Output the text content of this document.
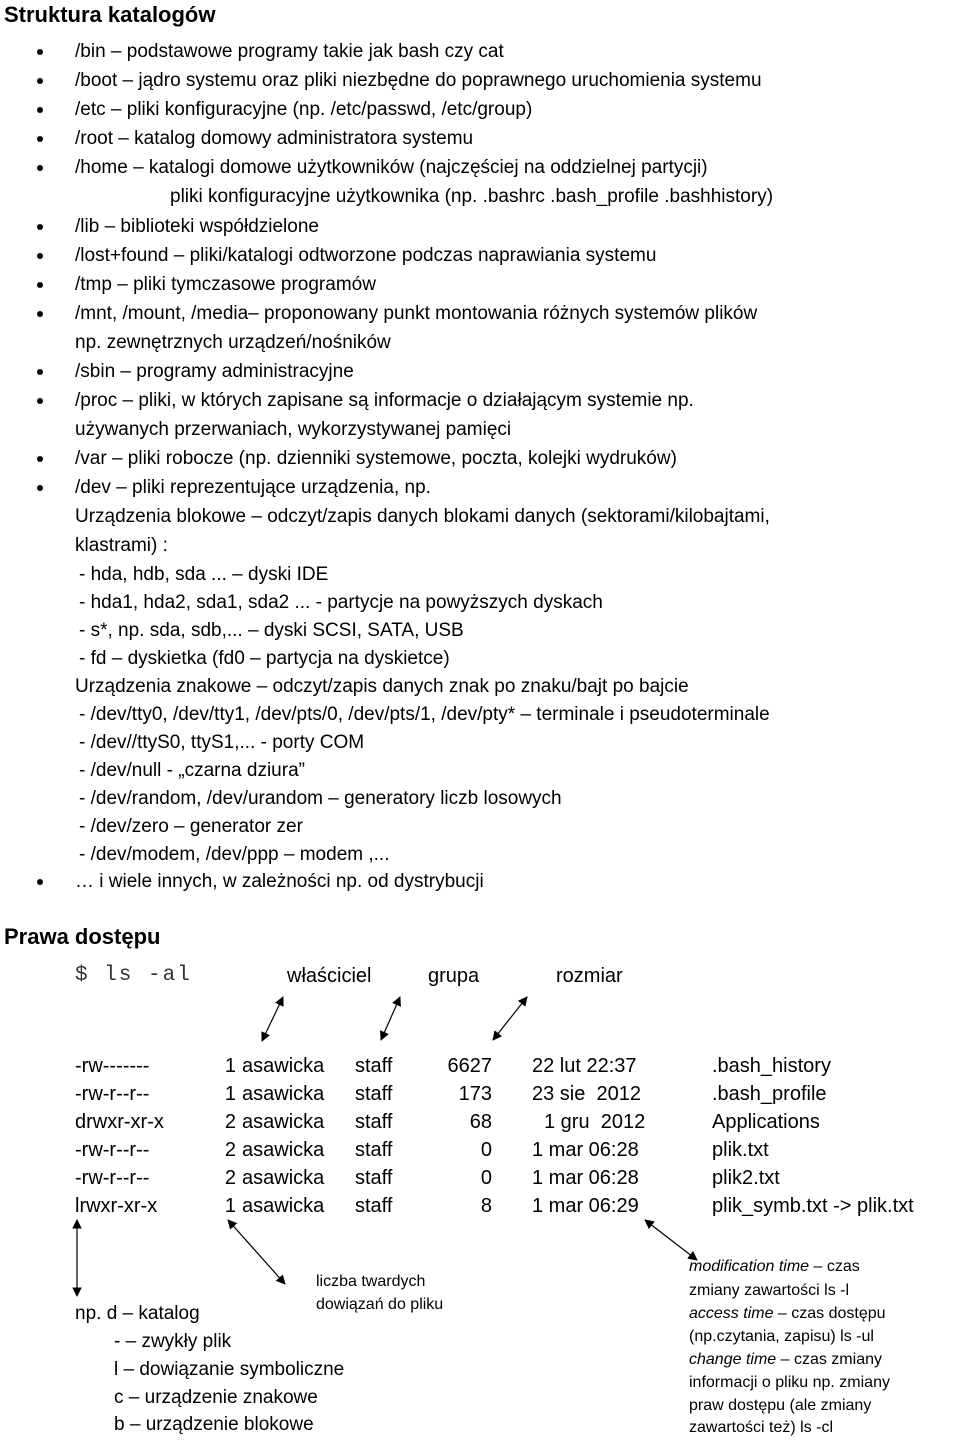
Struktura katalogów
/bin – podstawowe programy takie jak bash czy cat
/boot – jądro systemu oraz pliki niezbędne do poprawnego uruchomienia systemu
/etc – pliki konfiguracyjne (np. /etc/passwd, /etc/group)
/root – katalog domowy administratora systemu
/home – katalogi domowe użytkowników (najczęściej na oddzielnej partycji)
pliki konfiguracyjne użytkownika (np. .bashrc .bash_profile .bashhistory)
/lib – biblioteki współdzielone
/lost+found – pliki/katalogi odtworzone podczas naprawiania systemu
/tmp – pliki tymczasowe programów
/mnt, /mount, /media– proponowany punkt montowania różnych systemów plików
np. zewnętrznych urządzeń/nośników
/sbin – programy administracyjne
/proc – pliki, w których zapisane są informacje o działającym systemie np.
używanych przerwaniach, wykorzystywanej pamięci
/var – pliki robocze (np. dzienniki systemowe, poczta, kolejki wydruków)
/dev – pliki reprezentujące urządzenia, np.
Urządzenia blokowe – odczyt/zapis danych blokami danych (sektorami/kilobajtami,
klastrami) :
- hda, hdb, sda ... – dyski IDE
- hda1, hda2, sda1, sda2 ... - partycje na powyższych dyskach
- s*, np. sda, sdb,... – dyski SCSI, SATA, USB
- fd – dyskietka (fd0 – partycja na dyskietce)
Urządzenia znakowe – odczyt/zapis danych znak po znaku/bajt po bajcie
- /dev/tty0, /dev/tty1, /dev/pts/0, /dev/pts/1, /dev/pty* – terminale i pseudoterminale
- /dev//ttyS0, ttyS1,... - porty COM
- /dev/null - „czarna dziura”
- /dev/random, /dev/urandom – generatory liczb losowych
- /dev/zero – generator zer
- /dev/modem, /dev/ppp – modem ,...
… i wiele innych, w zależności np. od dystrybucji
Prawa dostępu
$ ls -al	właściciel	grupa	rozmiar
-rw-------	1 asawicka staff	6627 22 lut 22:37	.bash_history
-rw-r--r--	1 asawicka staff	173 23 sie  2012	.bash_profile
drwxr-xr-x	2 asawicka staff	68	1 gru  2012	Applications
-rw-r--r--	2 asawicka staff	0 1 mar 06:28	plik.txt
-rw-r--r--	2 asawicka staff	0 1 mar 06:28	plik2.txt
lrwxr-xr-x	1 asawicka staff	8 1 mar 06:29	plik_symb.txt -> plik.txt
liczba twardych
dowiązań do pliku
np. d – katalog
- – zwykły plik
l – dowiązanie symboliczne
c – urządzenie znakowe
b – urządzenie blokowe
modification time – czas
zmiany zawartości ls -l
access time – czas dostępu
(np.czytania, zapisu) ls -ul
change time – czas zmiany
informacji o pliku np. zmiany
praw dostępu (ale zmiany
zawartości też) ls -cl
